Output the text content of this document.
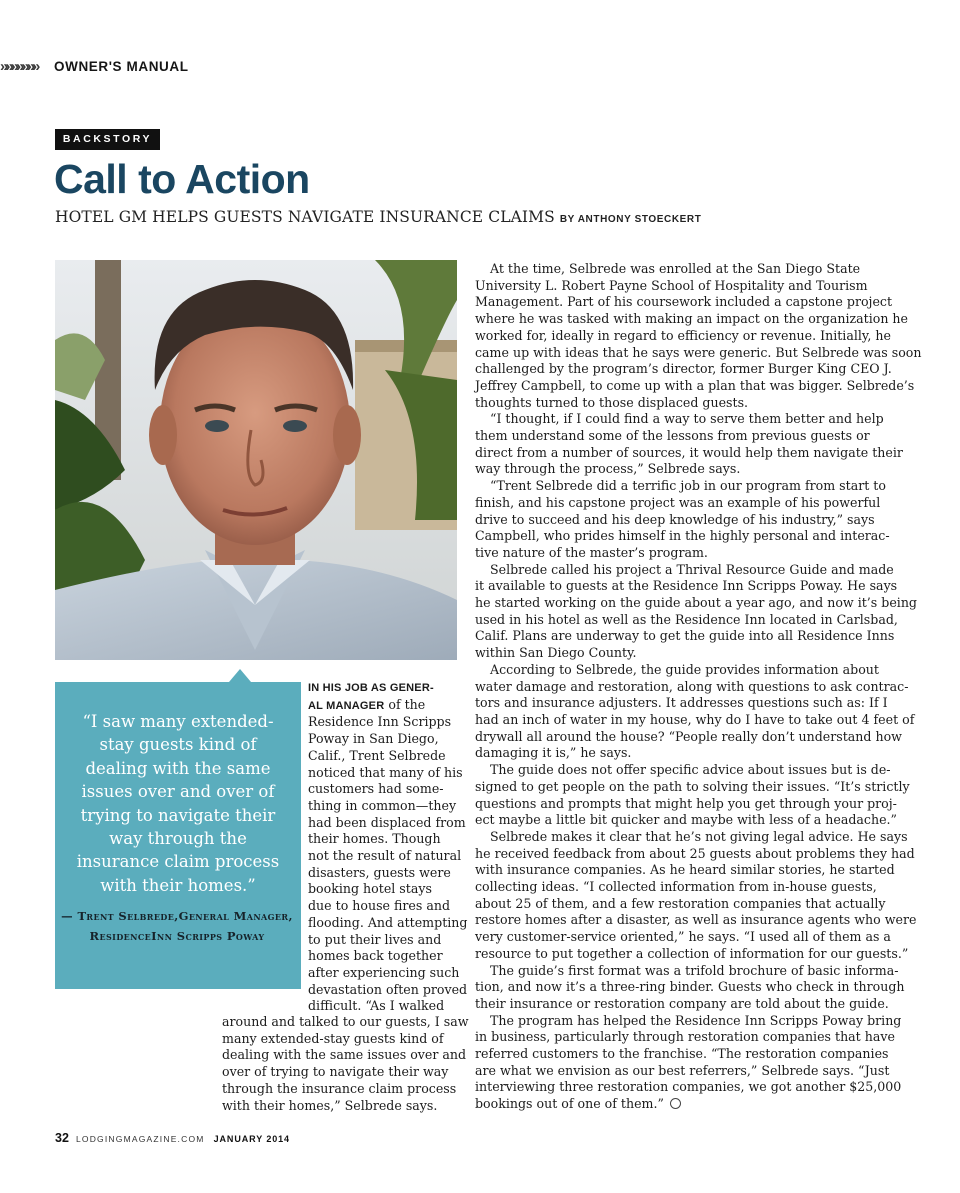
»»»»»»» OWNER'S MANUAL
BACKSTORY
Call to Action
HOTEL GM HELPS GUESTS NAVIGATE INSURANCE CLAIMS BY ANTHONY STOECKERT
“I saw many extended-stay guests kind of dealing with the same issues over and over of trying to navigate their way through the insurance claim process with their homes.”
— Trent Selbrede,General Manager, ResidenceInn Scripps Poway
IN HIS JOB AS GENER-
AL MANAGER of the
Residence Inn Scripps
Poway in San Diego,
Calif., Trent Selbrede
noticed that many of his
customers had some-
thing in common—they
had been displaced from
their homes. Though
not the result of natural
disasters, guests were
booking hotel stays
due to house fires and
flooding. And attempting
to put their lives and
homes back together
after experiencing such
devastation often proved
difficult. “As I walked
around and talked to our guests, I saw
many extended-stay guests kind of
dealing with the same issues over and
over of trying to navigate their way
through the insurance claim process
with their homes,” Selbrede says.
At the time, Selbrede was enrolled at the San Diego State
University L. Robert Payne School of Hospitality and Tourism
Management. Part of his coursework included a capstone project
where he was tasked with making an impact on the organization he
worked for, ideally in regard to efficiency or revenue. Initially, he
came up with ideas that he says were generic. But Selbrede was soon
challenged by the program’s director, former Burger King CEO J.
Jeffrey Campbell, to come up with a plan that was bigger. Selbrede’s
thoughts turned to those displaced guests.
“I thought, if I could find a way to serve them better and help
them understand some of the lessons from previous guests or
direct from a number of sources, it would help them navigate their
way through the process,” Selbrede says.
“Trent Selbrede did a terrific job in our program from start to
finish, and his capstone project was an example of his powerful
drive to succeed and his deep knowledge of his industry,” says
Campbell, who prides himself in the highly personal and interac-
tive nature of the master’s program.
Selbrede called his project a Thrival Resource Guide and made
it available to guests at the Residence Inn Scripps Poway. He says
he started working on the guide about a year ago, and now it’s being
used in his hotel as well as the Residence Inn located in Carlsbad,
Calif. Plans are underway to get the guide into all Residence Inns
within San Diego County.
According to Selbrede, the guide provides information about
water damage and restoration, along with questions to ask contrac-
tors and insurance adjusters. It addresses questions such as: If I
had an inch of water in my house, why do I have to take out 4 feet of
drywall all around the house? “People really don’t understand how
damaging it is,” he says.
The guide does not offer specific advice about issues but is de-
signed to get people on the path to solving their issues. “It’s strictly
questions and prompts that might help you get through your proj-
ect maybe a little bit quicker and maybe with less of a headache.”
Selbrede makes it clear that he’s not giving legal advice. He says
he received feedback from about 25 guests about problems they had
with insurance companies. As he heard similar stories, he started
collecting ideas. “I collected information from in-house guests,
about 25 of them, and a few restoration companies that actually
restore homes after a disaster, as well as insurance agents who were
very customer-service oriented,” he says. “I used all of them as a
resource to put together a collection of information for our guests.”
The guide’s first format was a trifold brochure of basic informa-
tion, and now it’s a three-ring binder. Guests who check in through
their insurance or restoration company are told about the guide.
The program has helped the Residence Inn Scripps Poway bring
in business, particularly through restoration companies that have
referred customers to the franchise. “The restoration companies
are what we envision as our best referrers,” Selbrede says. “Just
interviewing three restoration companies, we got another $25,000
bookings out of one of them.”
32 LODGINGMAGAZINE.COM JANUARY 2014
